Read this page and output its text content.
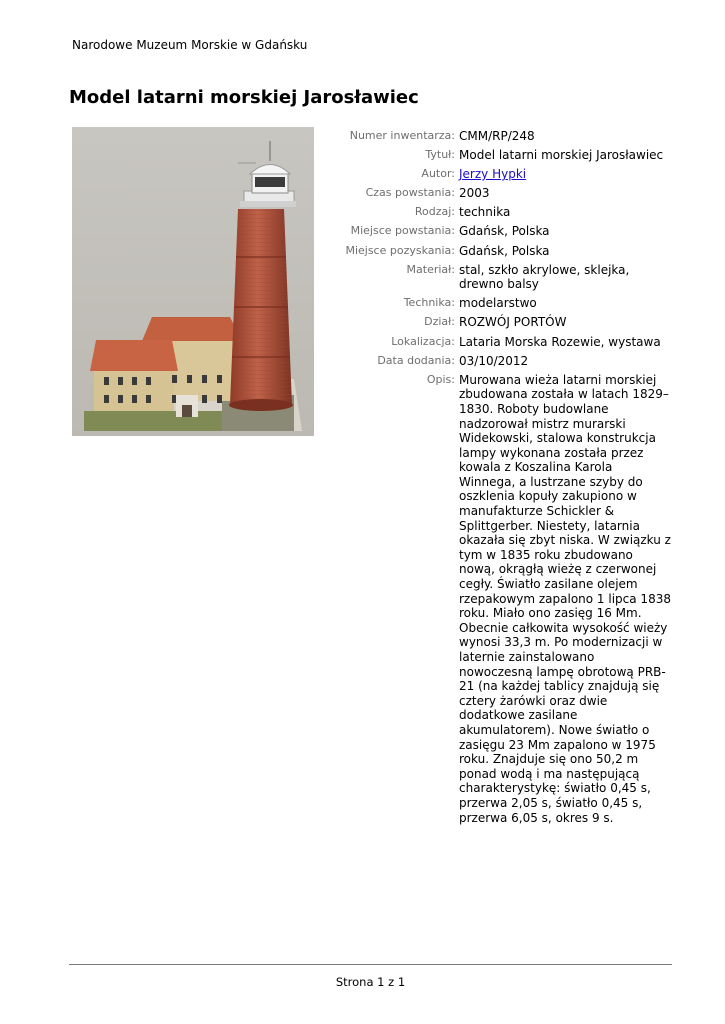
Narodowe Muzeum Morskie w Gdańsku
Model latarni morskiej Jarosławiec
Numer inwentarza: CMM/RP/248
Tytuł: Model latarni morskiej Jarosławiec
Autor: Jerzy Hypki
Czas powstania: 2003
Rodzaj: technika
Miejsce powstania: Gdańsk, Polska
Miejsce pozyskania: Gdańsk, Polska
Materiał: stal, szkło akrylowe, sklejka, drewno balsy
Technika: modelarstwo
Dział: ROZWÓJ PORTÓW
Lokalizacja: Lataria Morska Rozewie, wystawa
Data dodania: 03/10/2012
Opis: Murowana wieża latarni morskiej zbudowana została w latach 1829–1830. Roboty budowlane nadzorował mistrz murarski Widekowski, stalowa konstrukcja lampy wykonana została przez kowala z Koszalina Karola Winnega, a lustrzane szyby do oszklenia kopuły zakupiono w manufakturze Schickler & Splittgerber. Niestety, latarnia okazała się zbyt niska. W związku z tym w 1835 roku zbudowano nową, okrągłą wieżę z czerwonej cegły. Światło zasilane olejem rzepakowym zapalono 1 lipca 1838 roku. Miało ono zasięg 16 Mm. Obecnie całkowita wysokość wieży wynosi 33,3 m. Po modernizacji w laternie zainstalowano nowoczesną lampę obrotową PRB-21 (na każdej tablicy znajdują się cztery żarówki oraz dwie dodatkowe zasilane akumulatorem). Nowe światło o zasięgu 23 Mm zapalono w 1975 roku. Znajduje się ono 50,2 m ponad wodą i ma następującą charakterystykę: światło 0,45 s, przerwa 2,05 s, światło 0,45 s, przerwa 6,05 s, okres 9 s.
Strona 1 z 1
